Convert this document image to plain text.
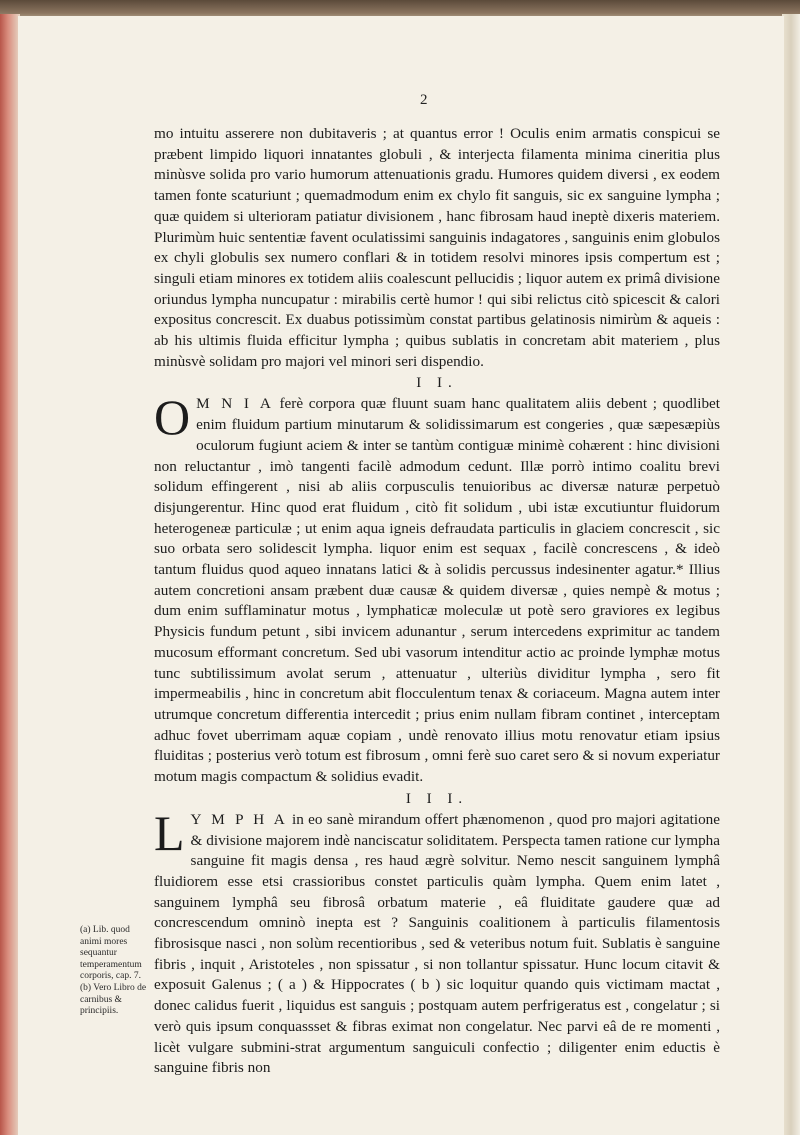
2

mo intuitu asserere non dubitaveris ; at quantus error ! Oculis enim armatis conspicui se præbent limpido liquori innatantes globuli , & interjecta filamenta minima cineritia plus minùsve solida pro vario humorum attenuationis gradu. Humores quidem diversi , ex eodem tamen fonte scaturiunt ; quemadmodum enim ex chylo fit sanguis, sic ex sanguine lympha ; quæ quidem si ulterioram patiatur divisionem , hanc fibrosam haud ineptè dixeris materiem. Plurimùm huic sententiæ favent oculatissimi sanguinis indagatores , sanguinis enim globulos ex chyli globulis sex numero conflari & in totidem resolvi minores ipsis compertum est ; singuli etiam minores ex totidem aliis coalescunt pellucidis ; liquor autem ex primâ divisione oriundus lympha nuncupatur : mirabilis certè humor ! qui sibi relictus citò spicescit & calori expositus concrescit. Ex duabus potissimùm constat partibus gelatinosis nimirùm & aqueis : ab his ultimis fluida efficitur lympha ; quibus sublatis in concretam abit materiem , plus minùsvè solidam pro majori vel minori seri dispendio.

I I.

O M N I A ferè corpora quæ fluunt suam hanc qualitatem aliis debent ; quodlibet enim fluidum partium minutarum & solidissimarum est congeries , quæ sæpesæpiùs oculorum fugiunt aciem & inter se tantùm contiguæ minimè cohærent : hinc divisioni non reluctantur , imò tangenti facilè admodum cedunt. Illæ porrò intimo coalitu brevi solidum effingerent , nisi ab aliis corpusculis tenuioribus ac diversæ naturæ perpetuò disjungerentur. Hinc quod erat fluidum , citò fit solidum , ubi istæ excutiuntur fluidorum heterogeneæ particulæ ; ut enim aqua igneis defraudata particulis in glaciem concrescit , sic suo orbata sero solidescit lympha. liquor enim est sequax , facilè concrescens , & ideò tantum fluidus quod aqueo innatans latici & à solidis percussus indesinenter agatur.* Illius autem concretioni ansam præbent duæ causæ & quidem diversæ , quies nempè & motus ; dum enim sufflaminatur motus , lymphaticæ moleculæ ut potè sero graviores ex legibus Physicis fundum petunt , sibi invicem adunantur , serum intercedens exprimitur ac tandem mucosum efformant concretum. Sed ubi vasorum intenditur actio ac proinde lymphæ motus tunc subtilissimum avolat serum , attenuatur , ulteriùs dividitur lympha , sero fit impermeabilis , hinc in concretum abit flocculentum tenax & coriaceum. Magna autem inter utrumque concretum differentia intercedit ; prius enim nullam fibram continet , interceptam adhuc fovet uberrimam aquæ copiam , undè renovato illius motu renovatur etiam ipsius fluiditas ; posterius verò totum est fibrosum , omni ferè suo caret sero & si novum experiatur motum magis compactum & solidius evadit.

I I I.

L Y M P H A in eo sanè mirandum offert phænomenon , quod pro majori agitatione & divisione majorem indè nanciscatur soliditatem. Perspecta tamen ratione cur lympha sanguine fit magis densa , res haud ægrè solvitur. Nemo nescit sanguinem lymphâ fluidiorem esse etsi crassioribus constet particulis quàm lympha. Quem enim latet , sanguinem lymphâ seu fibrosâ orbatum materie , eâ fluiditate gaudere quæ ad concrescendum omninò inepta est ? Sanguinis coalitionem à particulis filamentosis fibrosisque nasci , non solùm recentioribus , sed & veteribus notum fuit. Sublatis è sanguine fibris , inquit , Aristoteles , non spissatur , si non tollantur spissatur. Hunc locum citavit & exposuit Galenus ; ( a ) & Hippocrates ( b ) sic loquitur quando quis victimam mactat , donec calidus fuerit , liquidus est sanguis ; postquam autem perfrigeratus est , congelatur ; si verò quis ipsum conquassset & fibras eximat non congelatur. Nec parvi eâ de re momenti , licèt vulgare submini-strat argumentum sanguiculi confectio ; diligenter enim eductis è sanguine fibris non

(a) Lib. quod animi mores sequantur temperamentum corporis, cap. 7.

(b) Vero Libro de carnibus & principiis.
